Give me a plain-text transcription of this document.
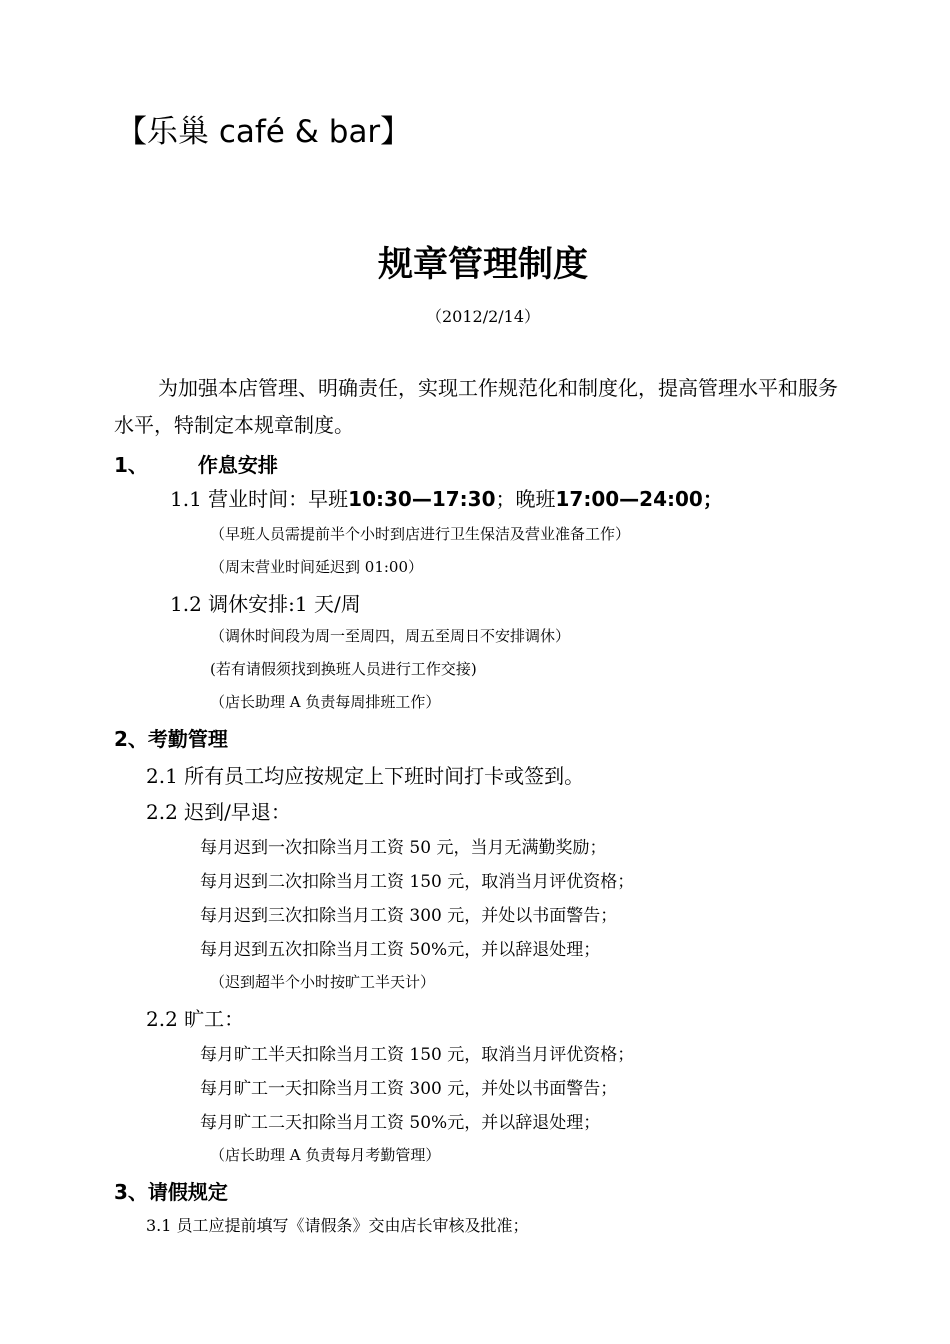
【乐巢 café & bar】
规章管理制度
（2012/2/14）
为加强本店管理、明确责任，实现工作规范化和制度化，提高管理水平和服务水平，特制定本规章制度。
1、 作息安排
1.1 营业时间：早班10:30—17:30；晚班17:00—24:00；
（早班人员需提前半个小时到店进行卫生保洁及营业准备工作）
（周末营业时间延迟到 01:00）
1.2 调休安排:1 天/周
（调休时间段为周一至周四，周五至周日不安排调休）
(若有请假须找到换班人员进行工作交接)
（店长助理 A 负责每周排班工作）
2、考勤管理
2.1 所有员工均应按规定上下班时间打卡或签到。
2.2 迟到/早退：
每月迟到一次扣除当月工资 50 元，当月无满勤奖励；
每月迟到二次扣除当月工资 150 元，取消当月评优资格；
每月迟到三次扣除当月工资 300 元，并处以书面警告；
每月迟到五次扣除当月工资 50%元，并以辞退处理；
（迟到超半个小时按旷工半天计）
2.2 旷工：
每月旷工半天扣除当月工资 150 元，取消当月评优资格；
每月旷工一天扣除当月工资 300 元，并处以书面警告；
每月旷工二天扣除当月工资 50%元，并以辞退处理；
（店长助理 A 负责每月考勤管理）
3、请假规定
3.1 员工应提前填写《请假条》交由店长审核及批准；
